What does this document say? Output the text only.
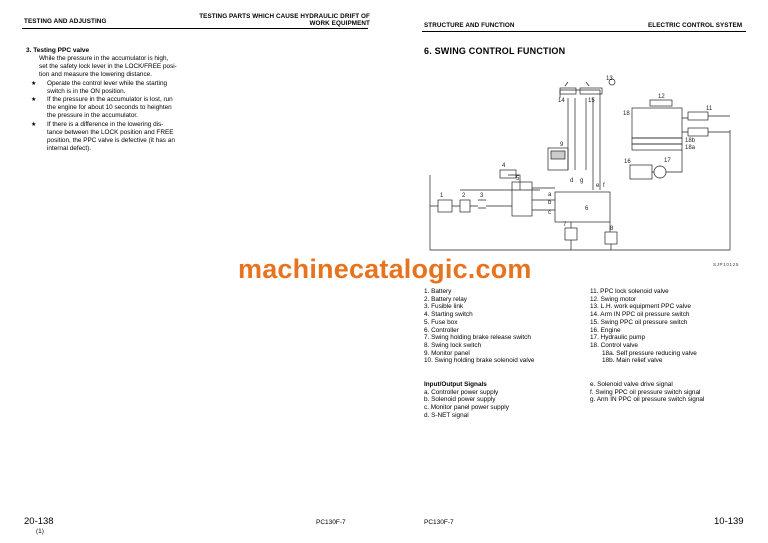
TESTING AND ADJUSTING
TESTING PARTS WHICH CAUSE HYDRAULIC DRIFT OF
WORK EQUIPMENT
3. Testing PPC valve

While the pressure in the accumulator is high,

set the safety lock lever in the LOCK/FREE posi-

tion and measure the lowering distance.

★ Operate the control lever while the starting
switch is in the ON position.
★ If the pressure in the accumulator is lost, run
the engine for about 10 seconds to heighten
the pressure in the accumulator.
★ If there is a difference in the lowering dis-
tance between the LOCK position and FREE
position, the PPC valve is defective (it has an
internal defect).
20-138
(1)
PC130F-7
STRUCTURE AND FUNCTION	ELECTRIC CONTROL SYSTEM
6. SWING CONTROL FUNCTION
1. Battery
2. Battery relay
3. Fusible link
4. Starting switch
5. Fuse box
6. Controller
7. Swing holding brake release switch
8. Swing lock switch
9. Monitor panel
10. Swing holding brake solenoid valve
11. PPC lock solenoid valve
12. Swing motor
13. L.H. work equipment PPC valve
14. Arm IN PPC oil pressure switch
15. Swing PPC oil pressure switch
16. Engine
17. Hydraulic pump
18. Control valve
18a. Self pressure reducing valve
18b. Main relief valve
Input/Output Signals
a. Controller power supply
b. Solenoid power supply
c. Monitor panel power supply
d. S-NET signal
e. Solenoid valve drive signal
f. Swing PPC oil pressure switch signal
g. Arm IN PPC oil pressure switch signal
PC130F-7	10-139
1	2 3
4
5
6
7
8
9
11
12
13
14	15
16	17
18
18a
18b
a
b
c
d
e f
g
SJP10125
machinecatalogic.com
